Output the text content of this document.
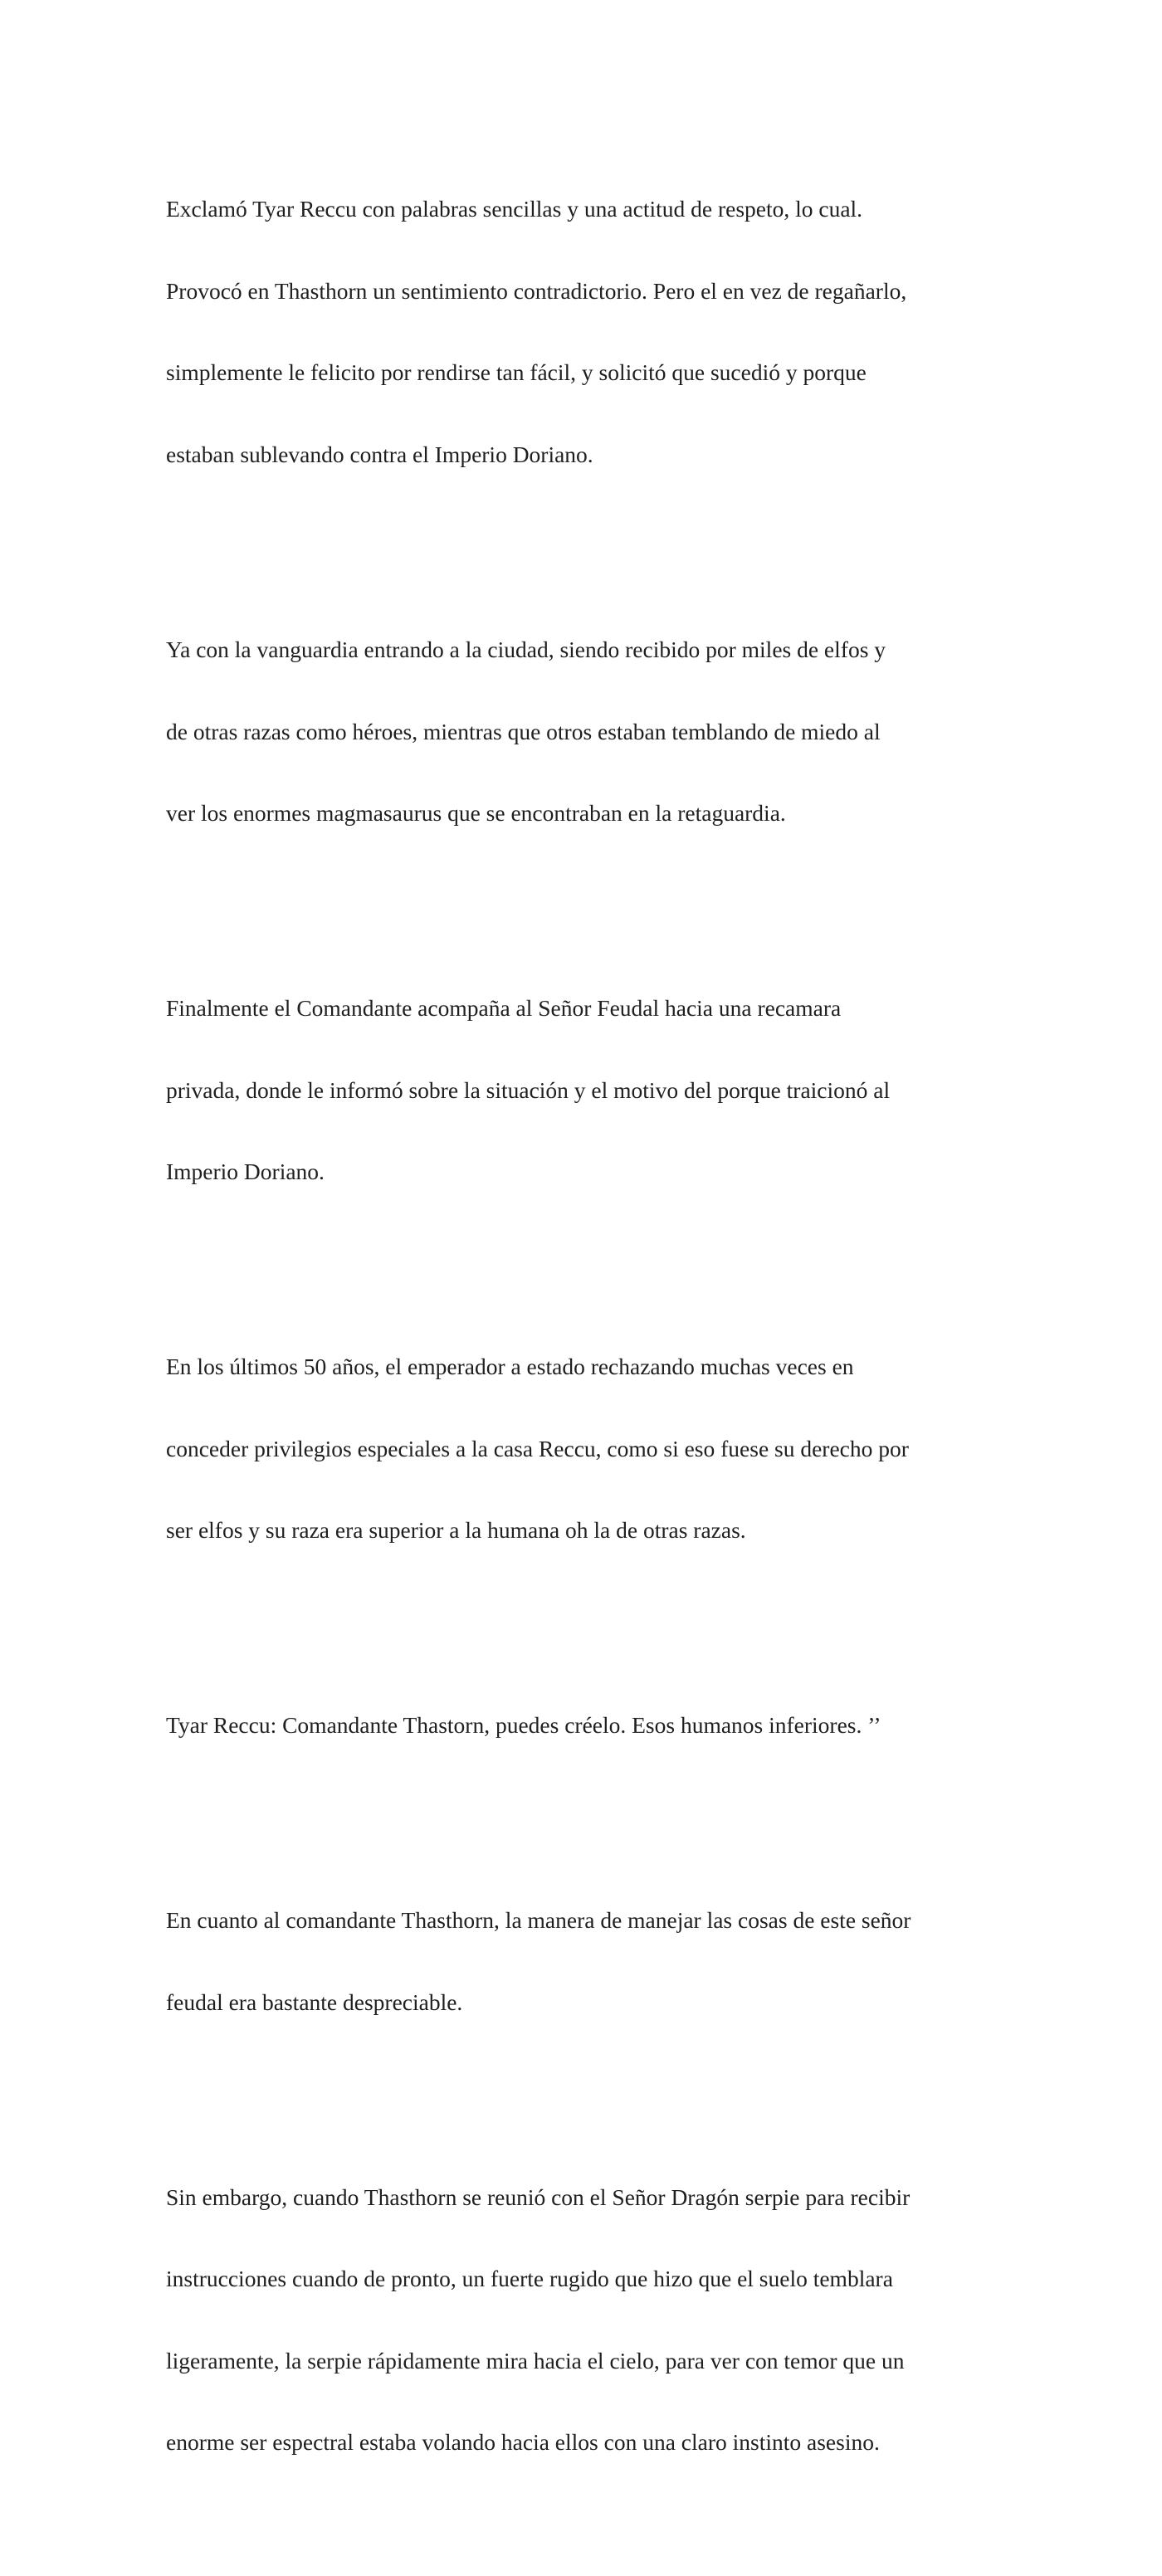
Exclamó Tyar Reccu con palabras sencillas y una actitud de respeto, lo cual.

Provocó en Thasthorn un sentimiento contradictorio. Pero el en vez de regañarlo,

simplemente le felicito por rendirse tan fácil, y solicitó que sucedió y porque

estaban sublevando contra el Imperio Doriano.

Ya con la vanguardia entrando a la ciudad, siendo recibido por miles de elfos y

de otras razas como héroes, mientras que otros estaban temblando de miedo al

ver los enormes magmasaurus que se encontraban en la retaguardia.

Finalmente el Comandante acompaña al Señor Feudal hacia una recamara

privada, donde le informó sobre la situación y el motivo del porque traicionó al

Imperio Doriano.

En los últimos 50 años, el emperador a estado rechazando muchas veces en

conceder privilegios especiales a la casa Reccu, como si eso fuese su derecho por

ser elfos y su raza era superior a la humana oh la de otras razas.

Tyar Reccu: Comandante Thastorn, puedes créelo. Esos humanos inferiores. ’’

En cuanto al comandante Thasthorn, la manera de manejar las cosas de este señor

feudal era bastante despreciable.

Sin embargo, cuando Thasthorn se reunió con el Señor Dragón serpie para recibir

instrucciones cuando de pronto, un fuerte rugido que hizo que el suelo temblara

ligeramente, la serpie rápidamente mira hacia el cielo, para ver con temor que un

enorme ser espectral estaba volando hacia ellos con una claro instinto asesino.
